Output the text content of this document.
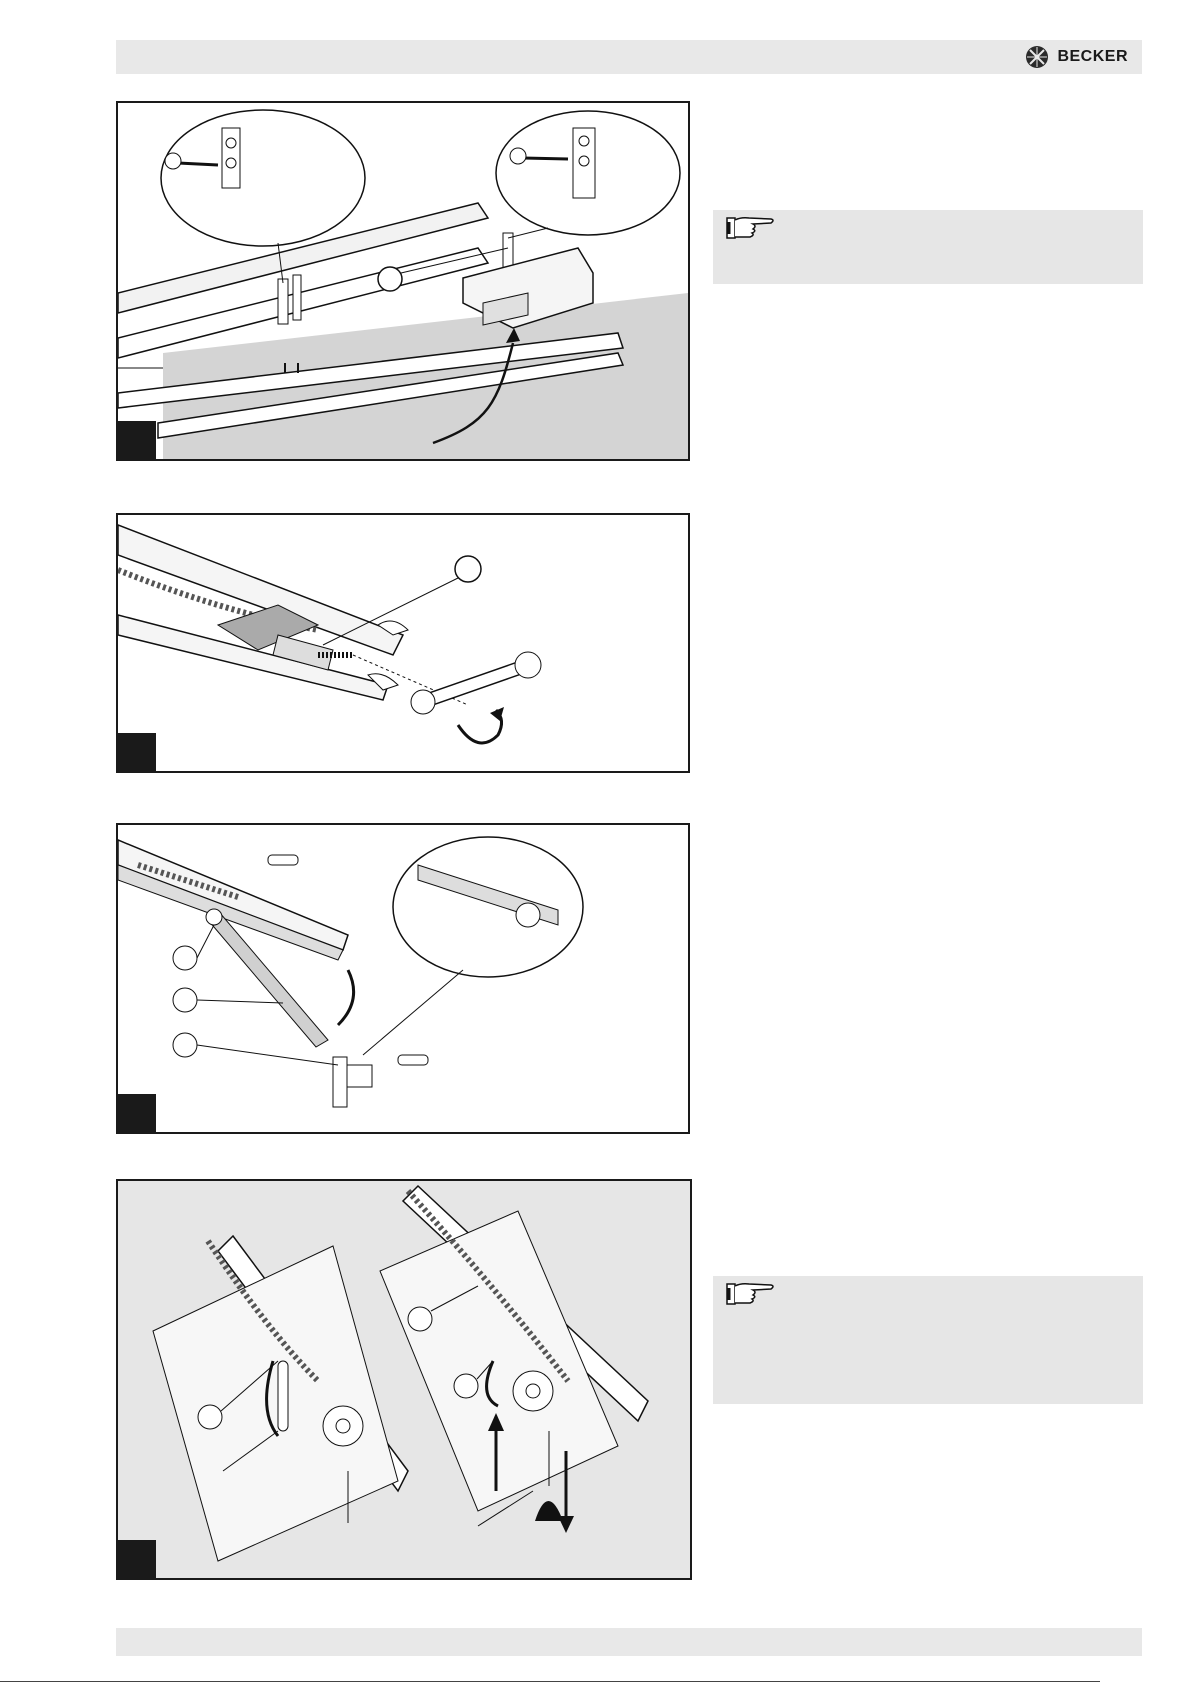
BECKER
